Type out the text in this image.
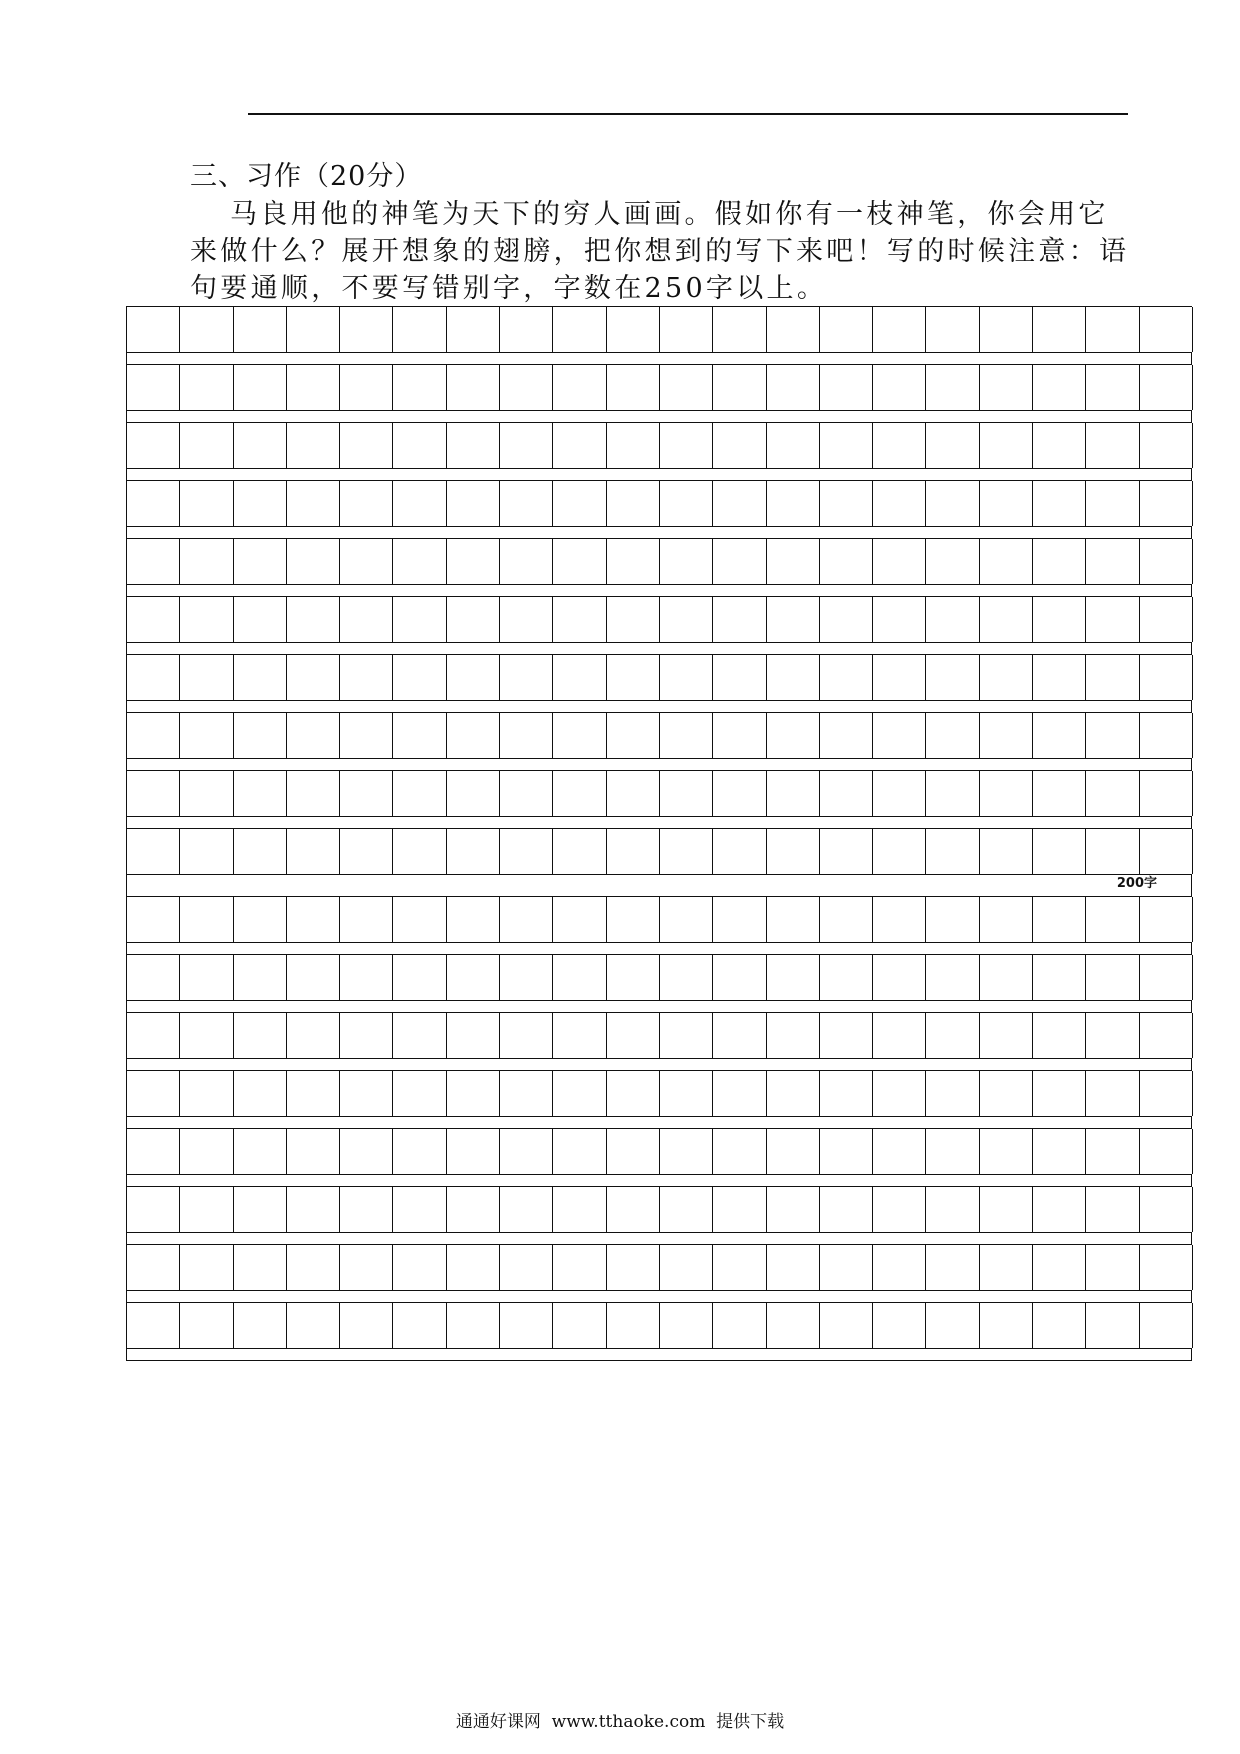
三、习作（20分）
马良用他的神笔为天下的穷人画画。假如你有一枝神笔，你会用它来做什么？展开想象的翅膀，把你想到的写下来吧！写的时候注意：语句要通顺，不要写错别字，字数在250字以上。
200字
通通好课网  www.tthaoke.com  提供下载
